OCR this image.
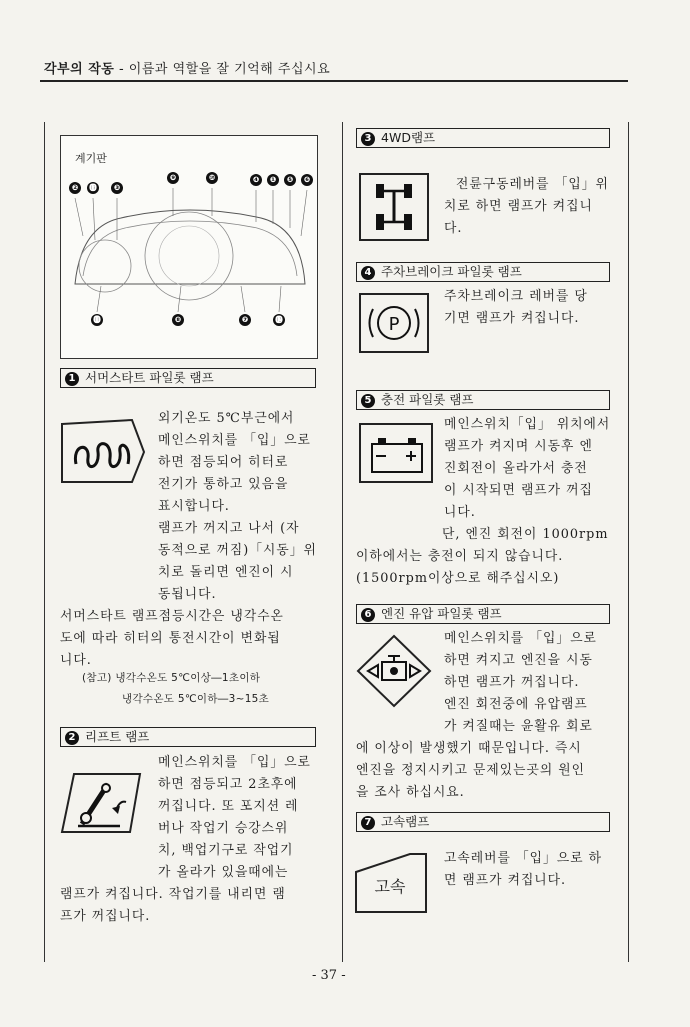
각부의 작동 - 이름과 역할을 잘 기억해 주십시요
계기판
❷	⓭	❸
❾	❿	❹	❶	❺	❻
⓫	❽	❼	⓬
1 서머스타트 파일롯 램프
외기온도 5℃부근에서
메인스위치를 「입」으로
하면 점등되어 히터로
전기가 통하고 있음을
표시합니다.
램프가 꺼지고 나서 (자
동적으로 꺼짐)「시동」위
치로 돌리면 엔진이 시
동됩니다.
서머스타트 램프점등시간은 냉각수온
도에 따라 히터의 통전시간이 변화됩
니다.
(참고) 냉각수온도 5℃이상―1초이하
냉각수온도 5℃이하―3~15초
2 리프트 램프
메인스위치를 「입」으로
하면 점등되고 2초후에
꺼집니다. 또 포지션 레
버나 작업기 승강스위
치, 백업기구로 작업기
가 올라가 있을때에는
램프가 켜집니다. 작업기를 내리면 램
프가 꺼집니다.
3 4WD램프
전륜구동레버를 「입」위
치로 하면 램프가 켜집니
다.
4 주차브레이크 파일롯 램프
P
주차브레이크 레버를 당
기면 램프가 켜집니다.
5 충전 파일롯 램프
메인스위치「입」 위치에서
램프가 켜지며 시동후 엔
진회전이 올라가서 충전
이 시작되면 램프가 꺼집
니다.
단, 엔진 회전이 1000rpm
이하에서는 충전이 되지 않습니다.
(1500rpm이상으로 해주십시오)
6 엔진 유압 파일롯 램프
메인스위치를 「입」으로
하면 켜지고 엔진을 시동
하면 램프가 꺼집니다.
엔진 회전중에 유압램프
가 켜질때는 윤활유 회로
에 이상이 발생했기 때문입니다. 즉시
엔진을 정지시키고 문제있는곳의 원인
을 조사 하십시요.
7 고속램프
고속
고속레버를 「입」으로 하
면 램프가 켜집니다.
- 37 -
